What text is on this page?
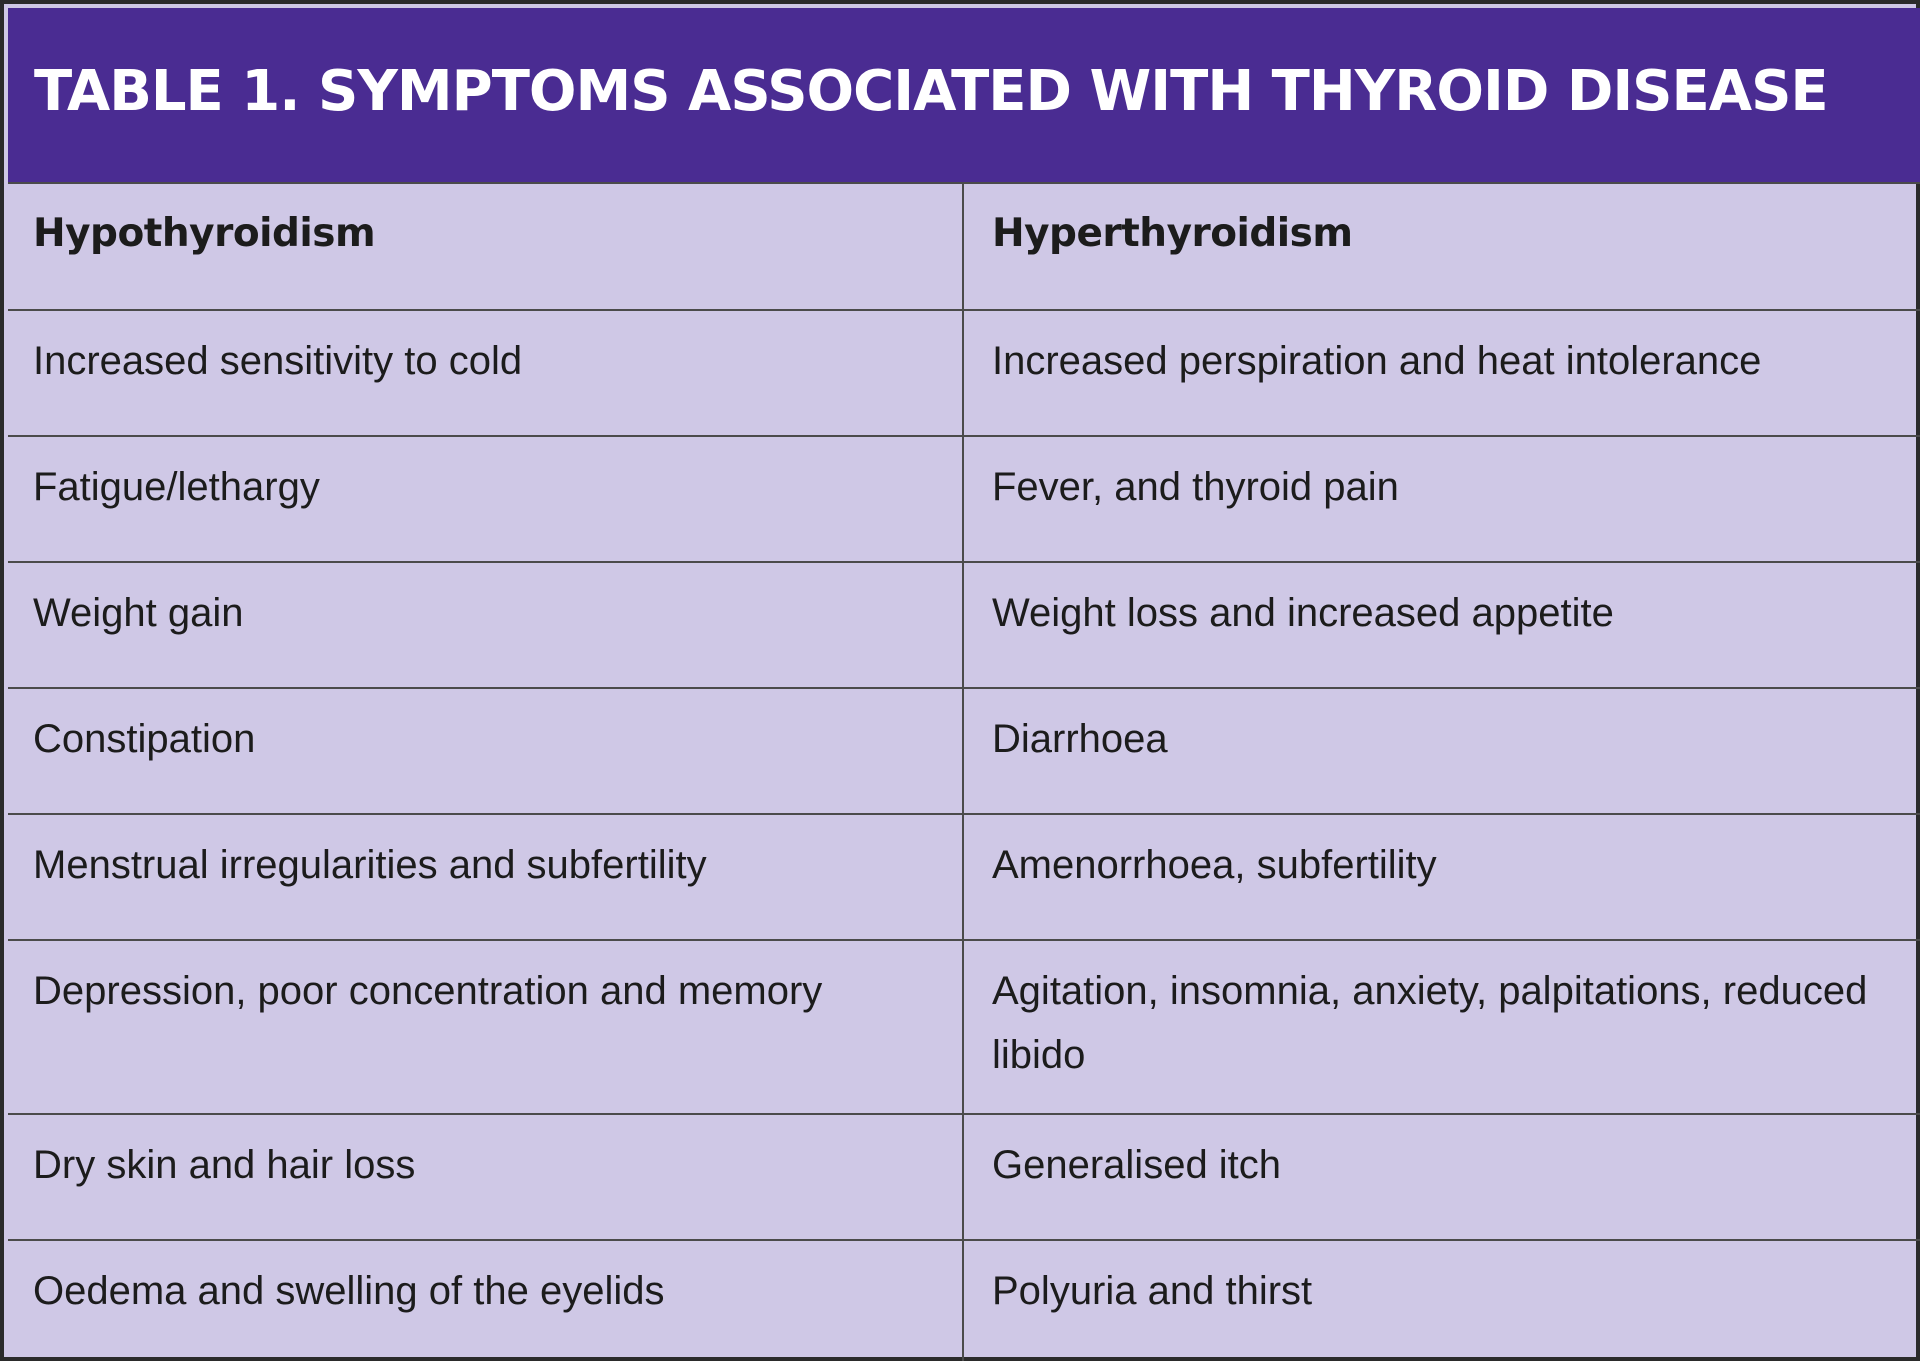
TABLE 1. SYMPTOMS ASSOCIATED WITH THYROID DISEASE
Hypothyroidism	Hyperthyroidism
Increased sensitivity to cold	Increased perspiration and heat intolerance
Fatigue/lethargy	Fever, and thyroid pain
Weight gain	Weight loss and increased appetite
Constipation	Diarrhoea
Menstrual irregularities and subfertility	Amenorrhoea, subfertility
Depression, poor concentration and memory	Agitation, insomnia, anxiety, palpitations, reduced libido
Dry skin and hair loss	Generalised itch
Oedema and swelling of the eyelids	Polyuria and thirst
